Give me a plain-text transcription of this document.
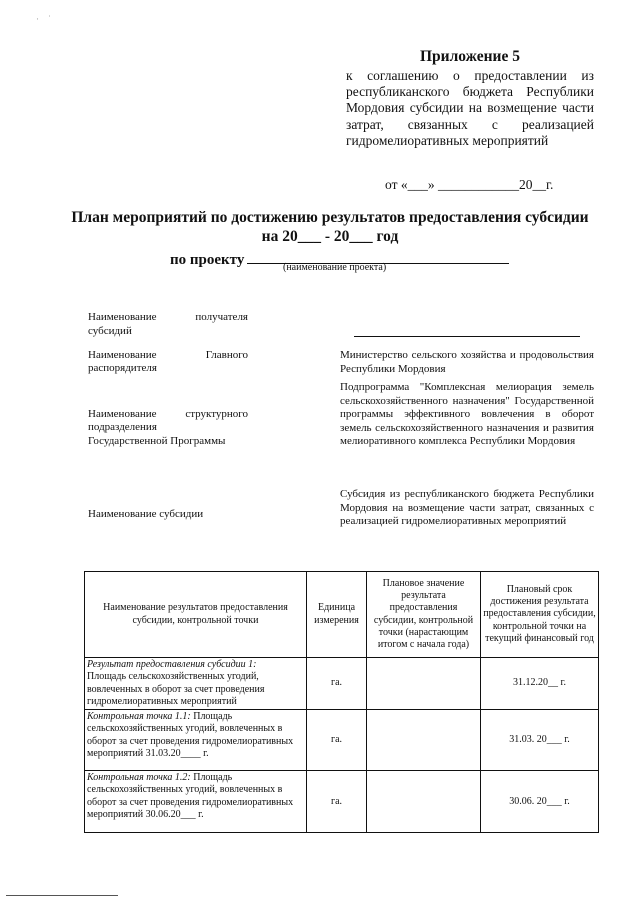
·    ˙
Приложение 5
к соглашению о предоставлении из республиканского бюджета Республики Мордовия субсидии на возмещение части затрат, связанных с реализацией гидромелиоративных мероприятий
от «___» ____________20__г.
План мероприятий по достижению результатов предоставления субсидии
на 20___ - 20___ год
по проекту	(наименование проекта)
Наименование получателя субсидий
Наименование	Главного
распорядителя
Министерство сельского хозяйства и продовольствия Республики Мордовия
Наименование структурного
подразделения
Государственной Программы
Подпрограмма "Комплексная мелиорация земель сельскохозяйственного назначения" Государственной программы эффективного вовлечения в оборот земель сельскохозяйственного назначения и развития мелиоративного комплекса Республики Мордовия
Наименование субсидии
Субсидия из республиканского бюджета Республики Мордовия на возмещение части затрат, связанных с реализацией гидромелиоративных мероприятий
Наименование результатов предоставления субсидии, контрольной точки	Единица измерения	Плановое значение результата предоставления субсидии, контрольной точки (нарастающим итогом с начала года)	Плановый срок достижения результата предоставления субсидии, контрольной точки на текущий финансовый год
Результат предоставления субсидии 1:
Площадь сельскохозяйственных угодий, вовлеченных в оборот за счет проведения гидромелиоративных мероприятий	га.		31.12.20__ г.
Контрольная точка 1.1: Площадь сельскохозяйственных угодий, вовлеченных в оборот за счет проведения гидромелиоративных мероприятий 31.03.20____ г.	га.		31.03. 20___ г.
Контрольная точка 1.2: Площадь сельскохозяйственных угодий, вовлеченных в оборот за счет проведения гидромелиоративных мероприятий 30.06.20___ г.	га.		30.06. 20___ г.
